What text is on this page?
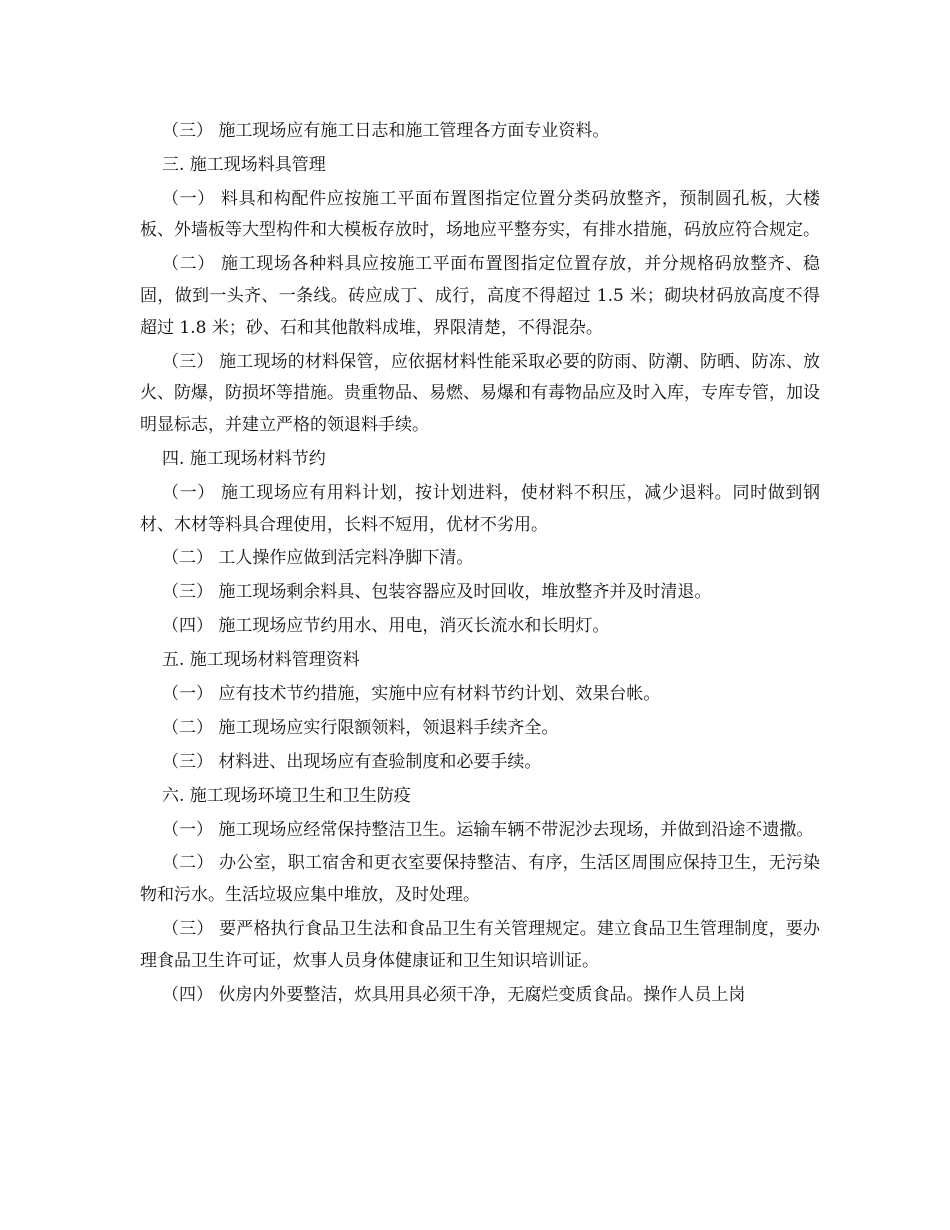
（三） 施工现场应有施工日志和施工管理各方面专业资料。

三. 施工现场料具管理

（一） 料具和构配件应按施工平面布置图指定位置分类码放整齐，预制圆孔板，大楼板、外墙板等大型构件和大模板存放时，场地应平整夯实，有排水措施，码放应符合规定。

（二） 施工现场各种料具应按施工平面布置图指定位置存放，并分规格码放整齐、稳固，做到一头齐、一条线。砖应成丁、成行，高度不得超过 1.5 米；砌块材码放高度不得超过 1.8 米；砂、石和其他散料成堆，界限清楚，不得混杂。

（三） 施工现场的材料保管，应依据材料性能采取必要的防雨、防潮、防晒、防冻、放火、防爆，防损坏等措施。贵重物品、易燃、易爆和有毒物品应及时入库，专库专管，加设明显标志，并建立严格的领退料手续。

四. 施工现场材料节约

（一） 施工现场应有用料计划，按计划进料，使材料不积压，减少退料。同时做到钢材、木材等料具合理使用，长料不短用，优材不劣用。

（二） 工人操作应做到活完料净脚下清。

（三） 施工现场剩余料具、包装容器应及时回收，堆放整齐并及时清退。

（四） 施工现场应节约用水、用电，消灭长流水和长明灯。

五. 施工现场材料管理资料

（一） 应有技术节约措施，实施中应有材料节约计划、效果台帐。

（二） 施工现场应实行限额领料，领退料手续齐全。

（三） 材料进、出现场应有查验制度和必要手续。

六. 施工现场环境卫生和卫生防疫

（一） 施工现场应经常保持整洁卫生。运输车辆不带泥沙去现场，并做到沿途不遗撒。

（二） 办公室，职工宿舍和更衣室要保持整洁、有序，生活区周围应保持卫生，无污染物和污水。生活垃圾应集中堆放，及时处理。

（三） 要严格执行食品卫生法和食品卫生有关管理规定。建立食品卫生管理制度，要办理食品卫生许可证，炊事人员身体健康证和卫生知识培训证。

（四） 伙房内外要整洁，炊具用具必须干净，无腐烂变质食品。操作人员上岗
